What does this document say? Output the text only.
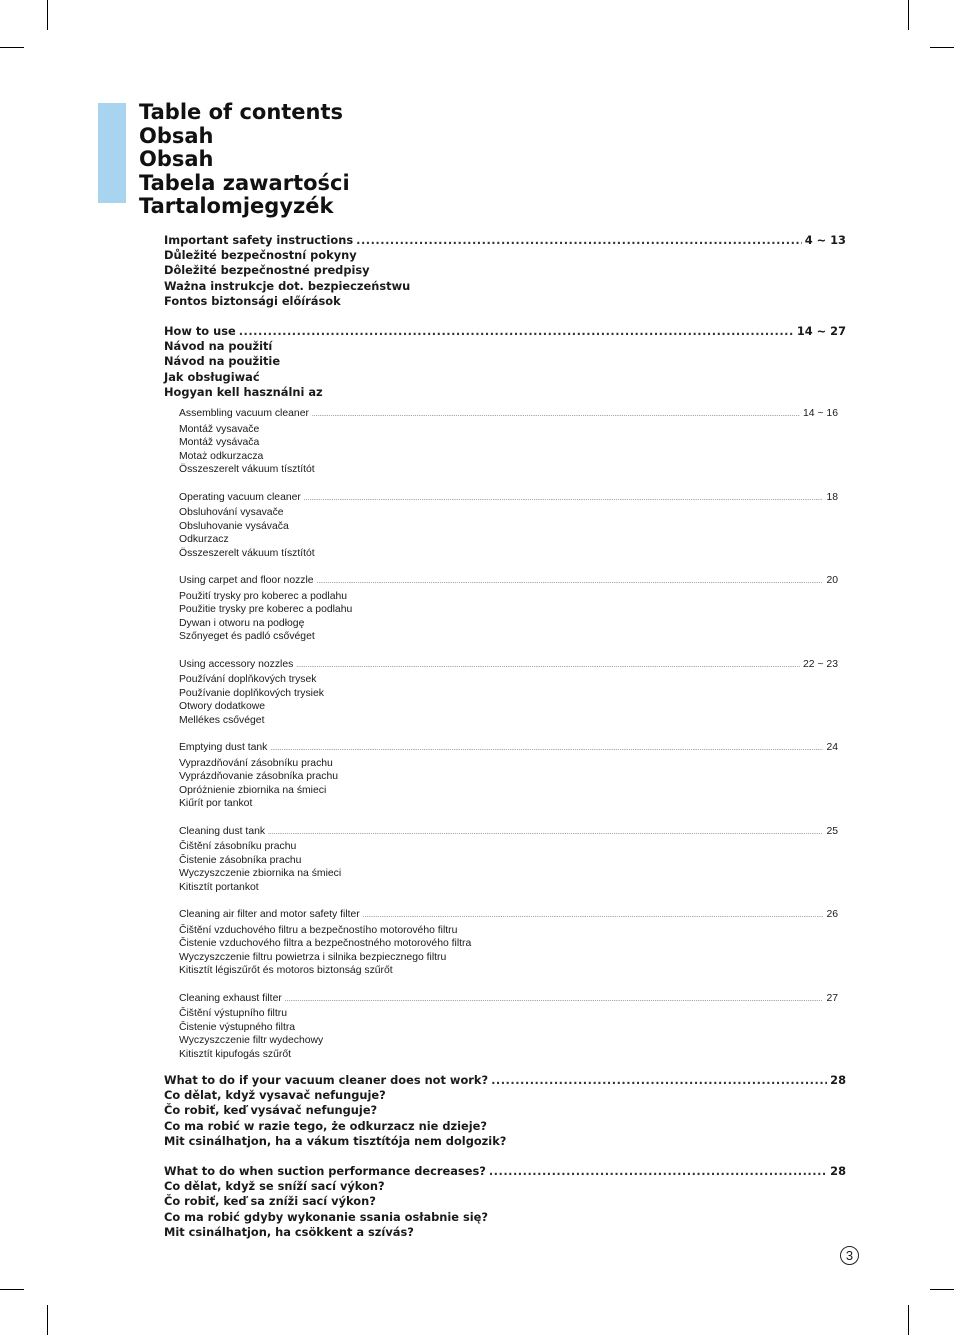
Table of contents
Obsah
Obsah
Tabela zawartości
Tartalomjegyzék
Important safety instructions .....	4 ~ 13
Důležité bezpečnostní pokyny
Dôležité bezpečnostné predpisy
Ważna instrukcje dot. bezpieczeństwu
Fontos biztonsági előírások
How to use .....	14 ~ 27
Návod na použití
Návod na použitie
Jak obsługiwać
Hogyan kell használni az
Assembling vacuum cleaner .....	14 ~ 16
Montáž vysavače
Montáž vysávača
Motaż odkurzacza
Összeszerelt vákuum tísztítót
Operating vacuum cleaner .....	18
Obsluhování vysavače
Obsluhovanie vysávača
Odkurzacz
Összeszerelt vákuum tísztítót
Using carpet and floor nozzle .....	20
Použití trysky pro koberec a podlahu
Použitie trysky pre koberec a podlahu
Dywan i otworu na podłogę
Szőnyeget és padló csővéget
Using accessory nozzles .....	22 ~ 23
Používání doplňkových trysek
Používanie doplňkových trysiek
Otwory dodatkowe
Mellékes csővéget
Emptying dust tank .....	24
Vyprazdňování zásobníku prachu
Vyprázdňovanie zásobníka prachu
Opróżnienie zbiornika na śmieci
Kiűrít por tankot
Cleaning dust tank .....	25
Čištění zásobníku prachu
Čistenie zásobníka prachu
Wyczyszczenie zbiornika na śmieci
Kitisztít portankot
Cleaning air filter and motor safety filter .....	26
Čištění vzduchového filtru a bezpečnostího motorového filtru
Čistenie vzduchového filtra a bezpečnostného motorového filtra
Wyczyszczenie filtru powietrza i silnika bezpiecznego filtru
Kitisztít légiszűrőt és motoros biztonság szűrőt
Cleaning exhaust filter .....	27
Čištění výstupního filtru
Čistenie výstupného filtra
Wyczyszczenie filtr wydechowy
Kitisztít kipufogás szűrőt
What to do if your vacuum cleaner does not work? .....	28
Co dělat, když vysavač nefunguje?
Čo robiť, keď vysávač nefunguje?
Co ma robić w razie tego, że odkurzacz nie dzieje?
Mit csinálhatjon, ha a vákum tisztítója nem dolgozik?
What to do when suction performance decreases? .....	28
Co dělat, když se sníží sací výkon?
Čo robiť, keď sa zníži sací výkon?
Co ma robić gdyby wykonanie ssania osłabnie się?
Mit csinálhatjon, ha csökkent a szívás?
3
